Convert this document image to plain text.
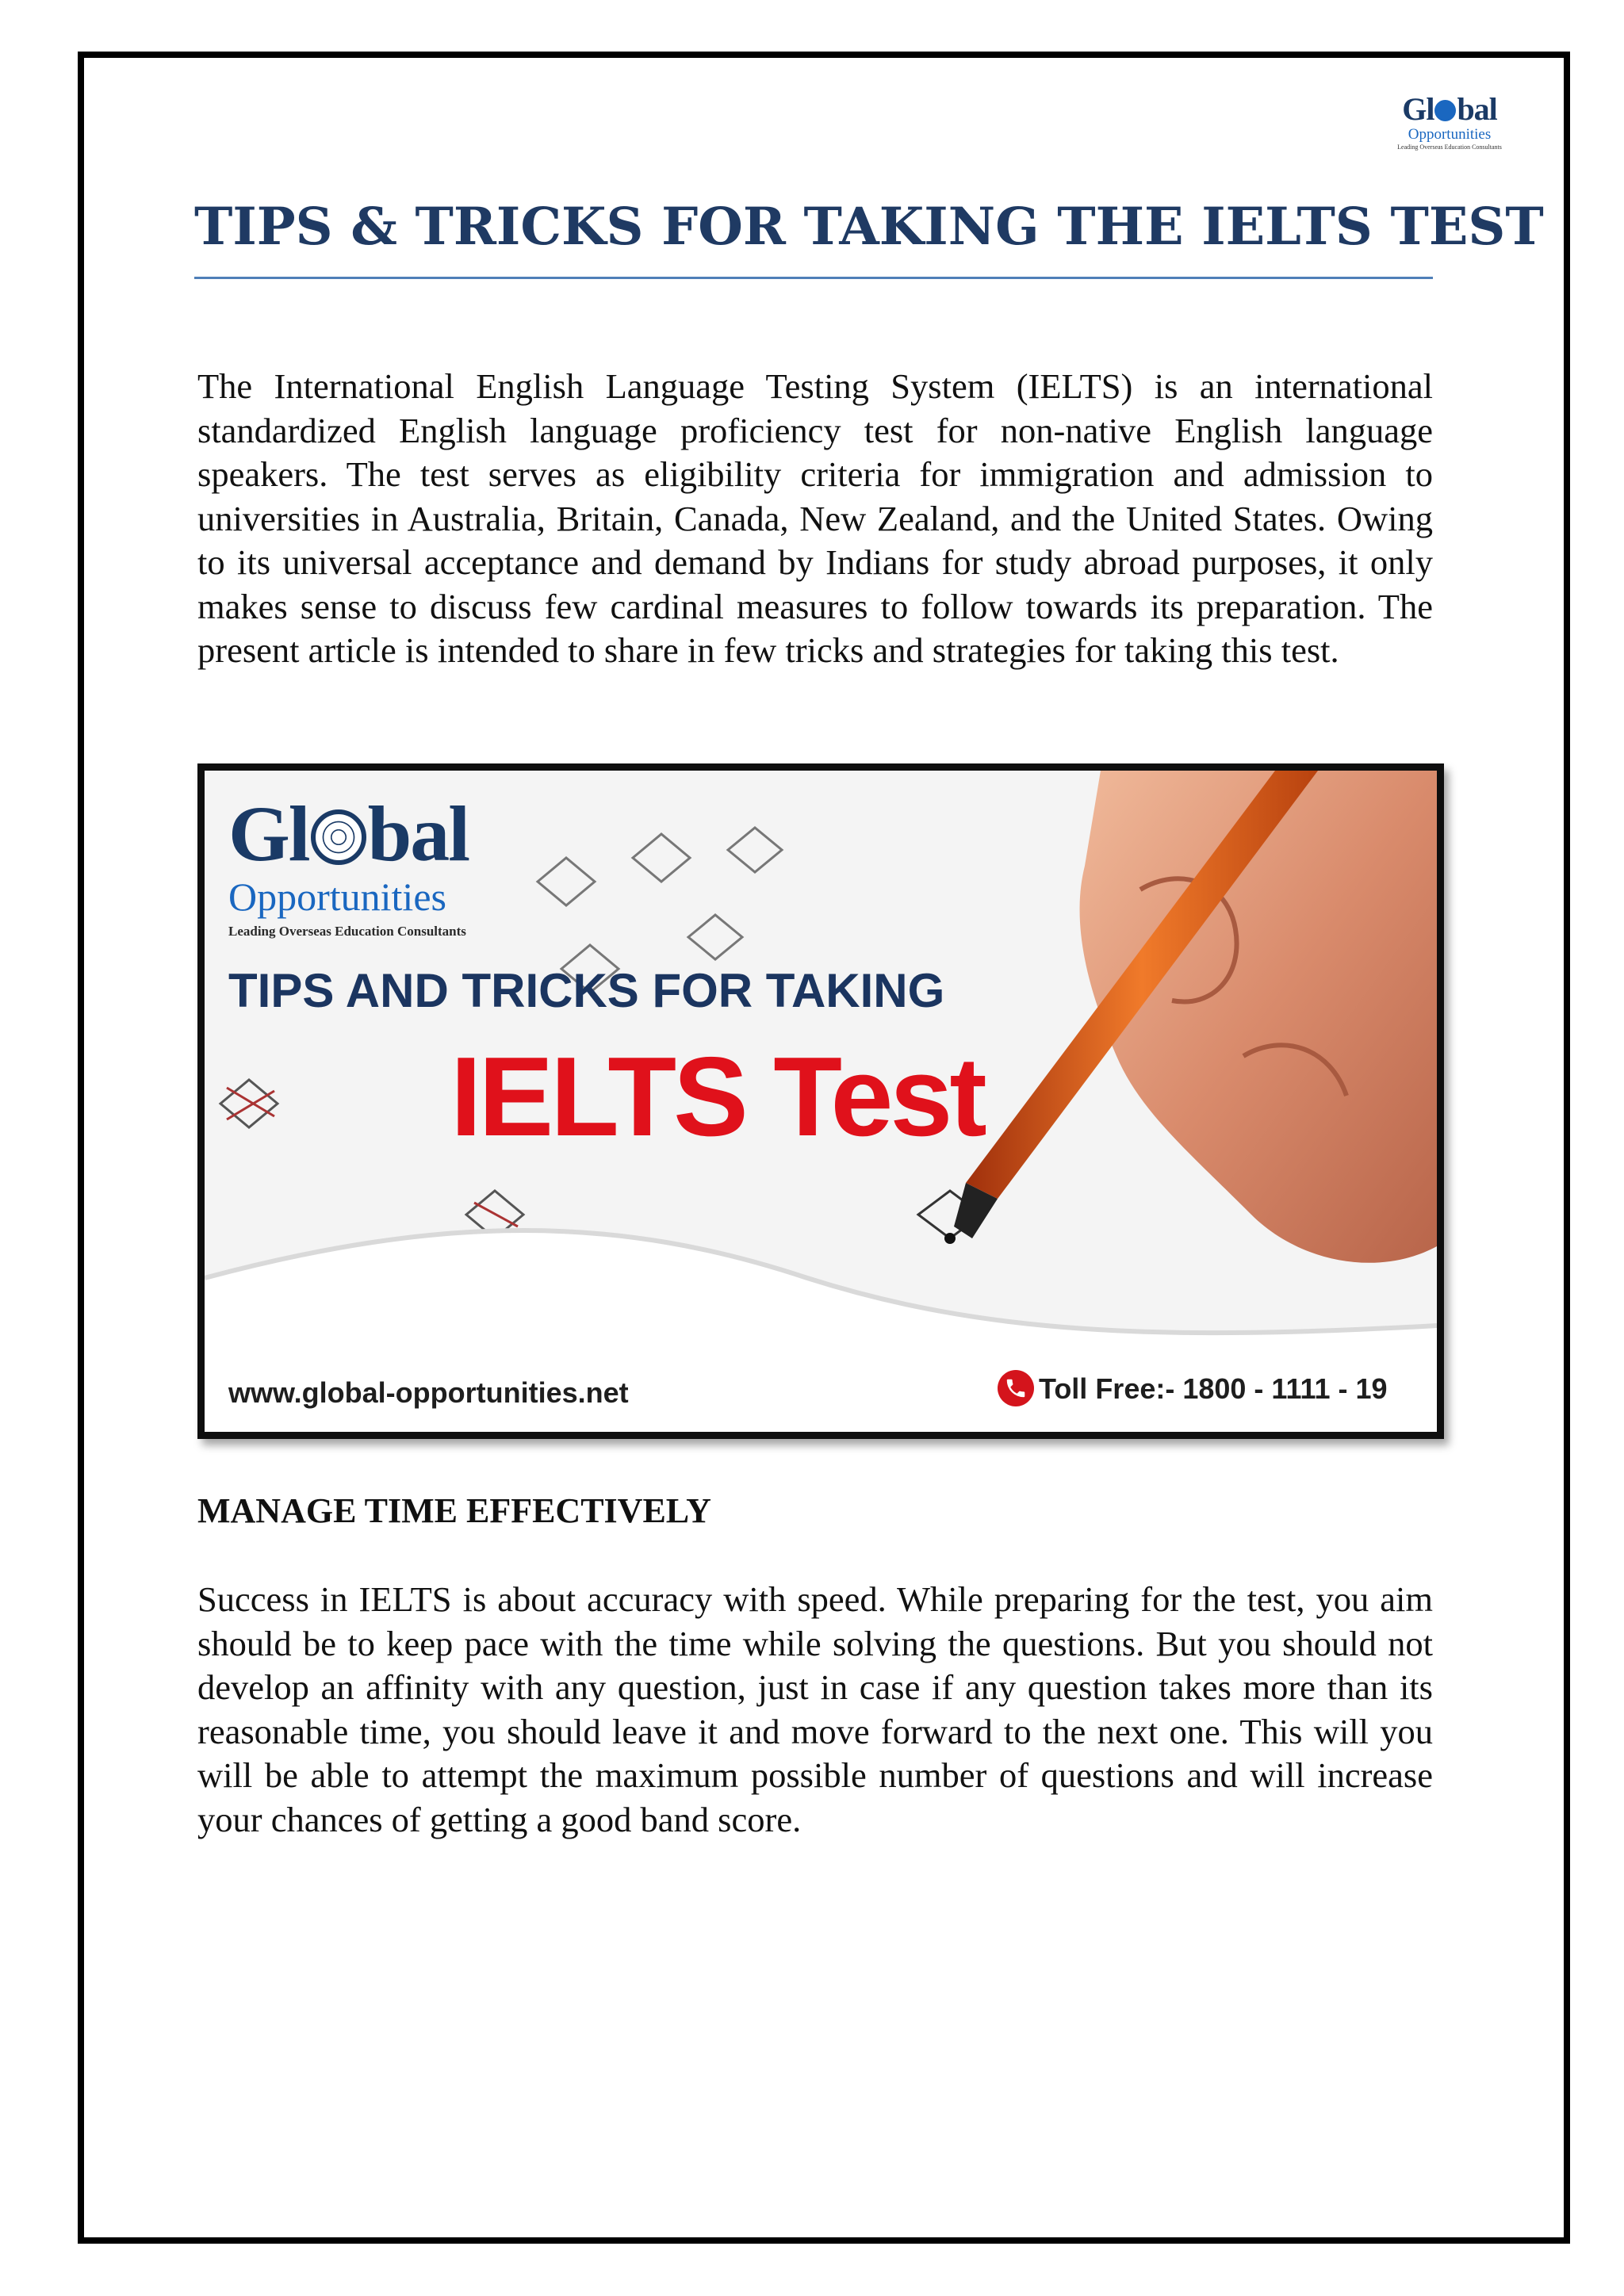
Gl bal
Opportunities
Leading Overseas Education Consultants
TIPS & TRICKS FOR TAKING THE IELTS TEST

The International English Language Testing System (IELTS) is an international standardized English language proficiency test for non-native English language speakers. The test serves as eligibility criteria for immigration and admission to universities in Australia, Britain, Canada, New Zealand, and the United States. Owing to its universal acceptance and demand by Indians for study abroad purposes, it only makes sense to discuss few cardinal measures to follow towards its preparation. The present article is intended to share in few tricks and strategies for taking this test.

Gl bal
Opportunities
Leading Overseas Education Consultants
TIPS AND TRICKS FOR TAKING
IELTS Test
www.global-opportunities.net	Toll Free:- 1800 - 1111 - 19
MANAGE TIME EFFECTIVELY

Success in IELTS is about accuracy with speed. While preparing for the test, you aim should be to keep pace with the time while solving the questions. But you should not develop an affinity with any question, just in case if any question takes more than its reasonable time, you should leave it and move forward to the next one. This will you will be able to attempt the maximum possible number of questions and will increase your chances of getting a good band score.
